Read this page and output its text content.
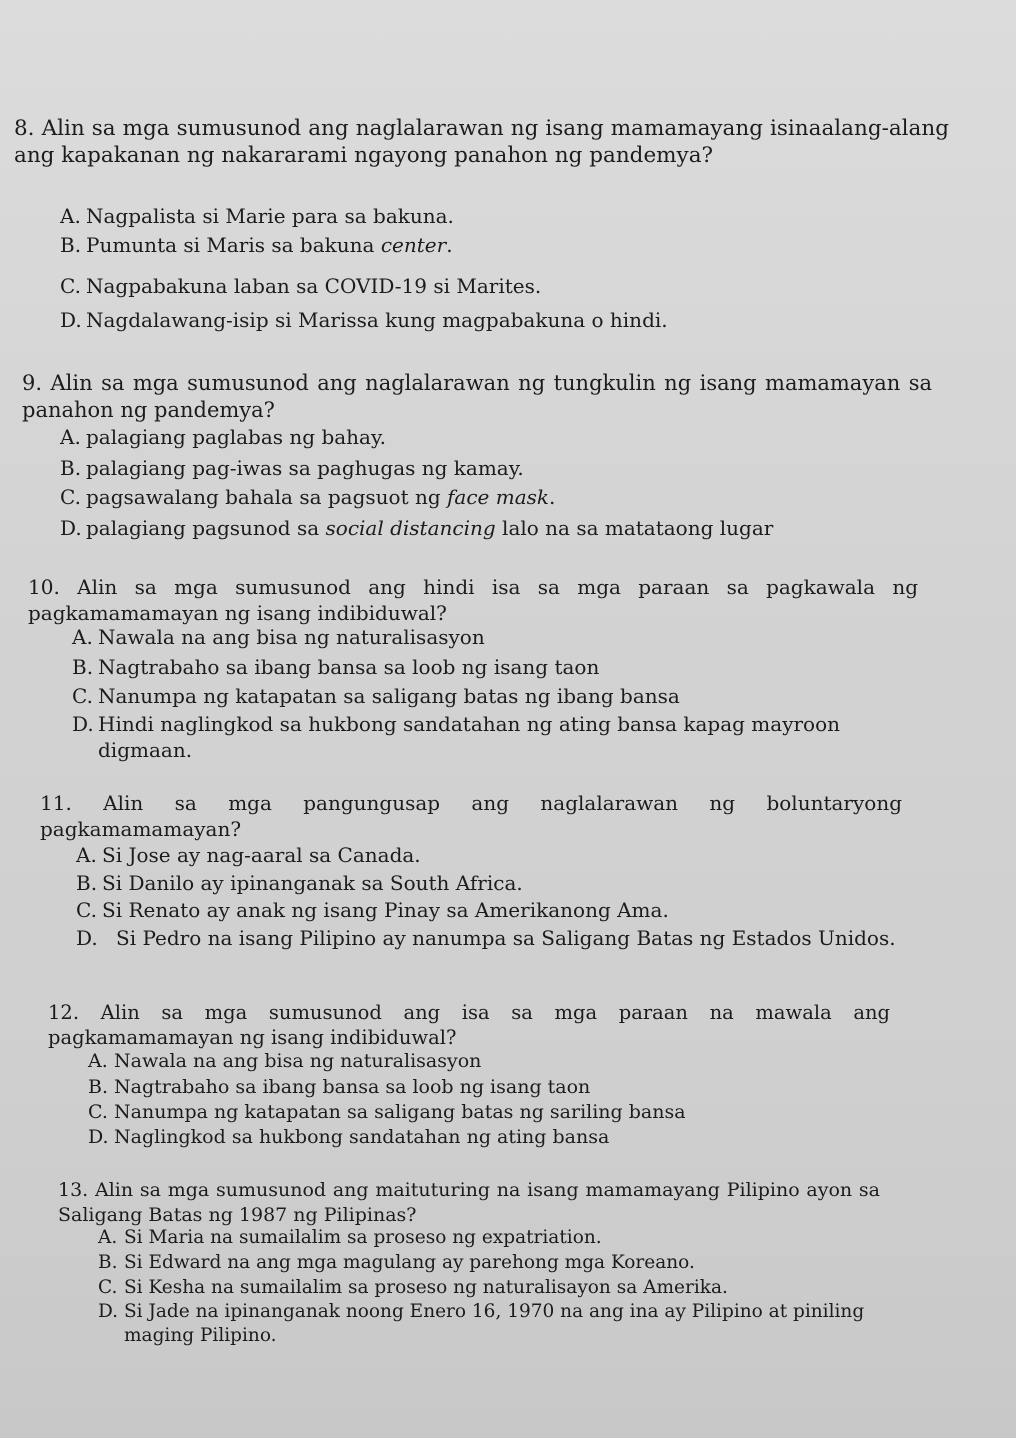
8. Alin sa mga sumusunod ang naglalarawan ng isang mamamayang isinaalang-alang ang kapakanan ng nakararami ngayong panahon ng pandemya?
A. Nagpalista si Marie para sa bakuna.
B. Pumunta si Maris sa bakuna center.
C. Nagpabakuna laban sa COVID-19 si Marites.
D. Nagdalawang-isip si Marissa kung magpabakuna o hindi.
9. Alin sa mga sumusunod ang naglalarawan ng tungkulin ng isang mamamayan sa panahon ng pandemya?
A. palagiang paglabas ng bahay.
B. palagiang pag-iwas sa paghugas ng kamay.
C. pagsawalang bahala sa pagsuot ng face mask.
D. palagiang pagsunod sa social distancing lalo na sa matataong lugar
10. Alin sa mga sumusunod ang hindi isa sa mga paraan sa pagkawala ng pagkamamamayan ng isang indibiduwal?
A. Nawala na ang bisa ng naturalisasyon
B. Nagtrabaho sa ibang bansa sa loob ng isang taon
C. Nanumpa ng katapatan sa saligang batas ng ibang bansa
D. Hindi naglingkod sa hukbong sandatahan ng ating bansa kapag mayroon digmaan.
11. Alin sa mga pangungusap ang naglalarawan ng boluntaryong pagkamamamayan?
A. Si Jose ay nag-aaral sa Canada.
B. Si Danilo ay ipinanganak sa South Africa.
C. Si Renato ay anak ng isang Pinay sa Amerikanong Ama.
D. Si Pedro na isang Pilipino ay nanumpa sa Saligang Batas ng Estados Unidos.
12. Alin sa mga sumusunod ang isa sa mga paraan na mawala ang pagkamamamayan ng isang indibiduwal?
A. Nawala na ang bisa ng naturalisasyon
B. Nagtrabaho sa ibang bansa sa loob ng isang taon
C. Nanumpa ng katapatan sa saligang batas ng sariling bansa
D. Naglingkod sa hukbong sandatahan ng ating bansa
13. Alin sa mga sumusunod ang maituturing na isang mamamayang Pilipino ayon sa Saligang Batas ng 1987 ng Pilipinas?
A. Si Maria na sumailalim sa proseso ng expatriation.
B. Si Edward na ang mga magulang ay parehong mga Koreano.
C. Si Kesha na sumailalim sa proseso ng naturalisayon sa Amerika.
D. Si Jade na ipinanganak noong Enero 16, 1970 na ang ina ay Pilipino at piniling maging Pilipino.
